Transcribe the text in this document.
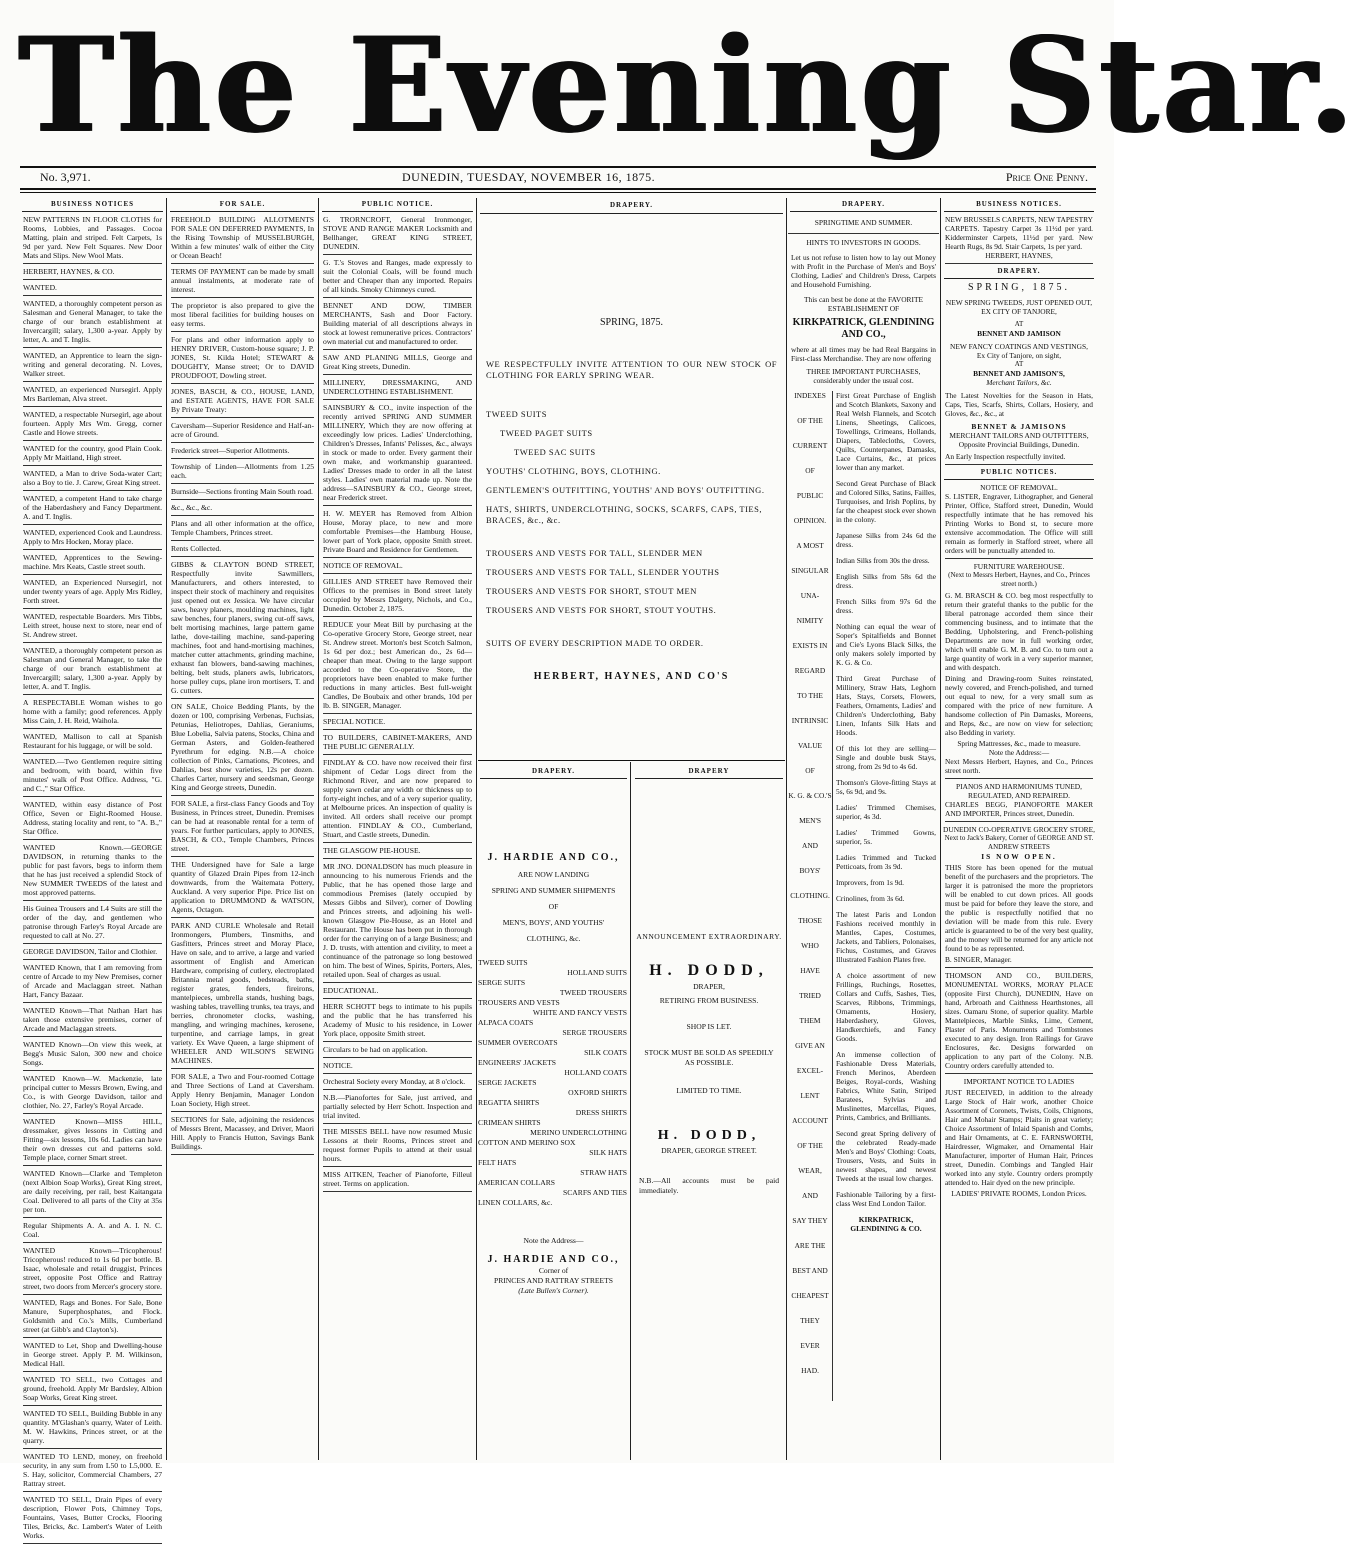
The Evening Star.
No. 3,971.	DUNEDIN, TUESDAY, NOVEMBER 16, 1875.	Price One Penny.
BUSINESS NOTICES
NEW PATTERNS IN FLOOR CLOTHS for Rooms, Lobbies, and Passages. Cocoa Matting, plain and striped. Felt Carpets, 1s 9d per yard. New Felt Squares. New Door Mats and Slips. New Wool Mats.
HERBERT, HAYNES, & CO.
WANTED.
WANTED, a thoroughly competent person as Salesman and General Manager, to take the charge of our branch establishment at Invercargill; salary, 1,300 a-year. Apply by letter, A. and T. Inglis.
WANTED, an Apprentice to learn the sign-writing and general decorating. N. Loves, Walker street.
WANTED, an experienced Nursegirl. Apply Mrs Bartleman, Alva street.
WANTED, a respectable Nursegirl, age about fourteen. Apply Mrs Wm. Gregg, corner Castle and Howe streets.
WANTED for the country, good Plain Cook. Apply Mr Maitland, High street.
WANTED, a Man to drive Soda-water Cart; also a Boy to tie. J. Carew, Great King street.
WANTED, a competent Hand to take charge of the Haberdashery and Fancy Department. A. and T. Inglis.
WANTED, experienced Cook and Laundress. Apply to Mrs Hocken, Moray place.
WANTED, Apprentices to the Sewing-machine. Mrs Keats, Castle street south.
WANTED, an Experienced Nursegirl, not under twenty years of age. Apply Mrs Ridley, Forth street.
WANTED, respectable Boarders. Mrs Tibbs, Leith street, house next to store, near end of St. Andrew street.
WANTED, a thoroughly competent person as Salesman and General Manager, to take the charge of our branch establishment at Invercargill; salary, 1,300 a-year. Apply by letter, A. and T. Inglis.
A RESPECTABLE Woman wishes to go home with a family; good references. Apply Miss Cain, J. H. Reid, Waihola.
WANTED, Mallison to call at Spanish Restaurant for his luggage, or will be sold.
WANTED.—Two Gentlemen require sitting and bedroom, with board, within five minutes' walk of Post Office. Address, "G. and C.," Star Office.
WANTED, within easy distance of Post Office, Seven or Eight-Roomed House. Address, stating locality and rent, to "A. B.," Star Office.
WANTED Known.—GEORGE DAVIDSON, in returning thanks to the public for past favors, begs to inform them that he has just received a splendid Stock of New SUMMER TWEEDS of the latest and most approved patterns.
His Guinea Trousers and L4 Suits are still the order of the day, and gentlemen who patronise through Farley's Royal Arcade are requested to call at No. 27.
GEORGE DAVIDSON, Tailor and Clothier.
WANTED Known, that I am removing from centre of Arcade to my New Premises, corner of Arcade and Maclaggan street. Nathan Hart, Fancy Bazaar.
WANTED Known—That Nathan Hart has taken those extensive premises, corner of Arcade and Maclaggan streets.
WANTED Known—On view this week, at Begg's Music Salon, 300 new and choice Songs.
WANTED Known—W. Mackenzie, late principal cutter to Messrs Brown, Ewing, and Co., is with George Davidson, tailor and clothier, No. 27, Farley's Royal Arcade.
WANTED Known—MISS HILL, dressmaker, gives lessons in Cutting and Fitting—six lessons, 10s 6d. Ladies can have their own dresses cut and patterns sold. Temple place, corner Smart street.
WANTED Known—Clarke and Templeton (next Albion Soap Works), Great King street, are daily receiving, per rail, best Kaitangata Coal. Delivered to all parts of the City at 35s per ton.
Regular Shipments A. A. and A. I. N. C. Coal.
WANTED Known—Tricopherous! Tricopherous! reduced to 1s 6d per bottle. B. Isaac, wholesale and retail druggist, Princes street, opposite Post Office and Rattray street, two doors from Mercer's grocery store.
WANTED, Rags and Bones. For Sale, Bone Manure, Superphosphates, and Flock. Goldsmith and Co.'s Mills, Cumberland street (at Gibb's and Clayton's).
WANTED to Let, Shop and Dwelling-house in George street. Apply P. M. Wilkinson, Medical Hall.
WANTED TO SELL, two Cottages and ground, freehold. Apply Mr Bardsley, Albion Soap Works, Great King street.
WANTED TO SELL, Building Bubble in any quantity. M'Glashan's quarry, Water of Leith. M. W. Hawkins, Princes street, or at the quarry.
WANTED TO LEND, money, on freehold security, in any sum from L50 to L5,000. E. S. Hay, solicitor, Commercial Chambers, 27 Rattray street.
WANTED TO SELL, Drain Pipes of every description, Flower Pots, Chimney Tops, Fountains, Vases, Butter Crocks, Flooring Tiles, Bricks, &c. Lambert's Water of Leith Works.
FOR SALE.
FREEHOLD BUILDING ALLOTMENTS FOR SALE ON DEFERRED PAYMENTS, In the Rising Township of MUSSELBURGH, Within a few minutes' walk of either the City or Ocean Beach!
TERMS OF PAYMENT can be made by small annual instalments, at moderate rate of interest.
The proprietor is also prepared to give the most liberal facilities for building houses on easy terms.
For plans and other information apply to HENRY DRIVER, Custom-house square; J. P. JONES, St. Kilda Hotel; STEWART & DOUGHTY, Manse street; Or to DAVID PROUDFOOT, Dowling street.
JONES, BASCH, & CO., HOUSE, LAND, and ESTATE AGENTS, HAVE FOR SALE By Private Treaty:
Caversham—Superior Residence and Half-an-acre of Ground.
Frederick street—Superior Allotments.
Township of Linden—Allotments from 1.25 each.
Burnside—Sections fronting Main South road.
&c., &c., &c.
Plans and all other information at the office, Temple Chambers, Princes street.
Rents Collected.
GIBBS & CLAYTON BOND STREET, Respectfully invite Sawmillers, Manufacturers, and others interested, to inspect their stock of machinery and requisites just opened out ex Jessica. We have circular saws, heavy planers, moulding machines, light saw benches, four planers, swing cut-off saws, belt mortising machines, large pattern game lathe, dove-tailing machine, sand-papering machines, foot and hand-mortising machines, matcher cutter attachments, grinding machine, exhaust fan blowers, band-sawing machines, belting, belt studs, planers awls, lubricators, horse pulley cups, plane iron mortisers, T. and G. cutters.
ON SALE, Choice Bedding Plants, by the dozen or 100, comprising Verbenas, Fuchsias, Petunias, Heliotropes, Dahlias, Geraniums, Blue Lobelia, Salvia patens, Stocks, China and German Asters, and Golden-feathered Pyrethrum for edging. N.B.—A choice collection of Pinks, Carnations, Picotees, and Dahlias, best show varieties, 12s per dozen. Charles Carter, nursery and seedsman, George King and George streets, Dunedin.
FOR SALE, a first-class Fancy Goods and Toy Business, in Princes street, Dunedin. Premises can be had at reasonable rental for a term of years. For further particulars, apply to JONES, BASCH, & CO., Temple Chambers, Princes street.
THE Undersigned have for Sale a large quantity of Glazed Drain Pipes from 12-inch downwards, from the Waitemata Pottery, Auckland. A very superior Pipe. Price list on application to DRUMMOND & WATSON, Agents, Octagon.
PARK AND CURLE Wholesale and Retail Ironmongers, Plumbers, Tinsmiths, and Gasfitters, Princes street and Moray Place, Have on sale, and to arrive, a large and varied assortment of English and American Hardware, comprising of cutlery, electroplated Britannia metal goods, bedsteads, baths, register grates, fenders, fireirons, mantelpieces, umbrella stands, hushing bags, washing tables, travelling trunks, tea trays, and berries, chronometer clocks, washing, mangling, and wringing machines, kerosene, turpentine, and carriage lamps, in great variety. Ex Wave Queen, a large shipment of WHEELER AND WILSON'S SEWING MACHINES.
FOR SALE, a Two and Four-roomed Cottage and Three Sections of Land at Caversham. Apply Henry Benjamin, Manager London Loan Society, High street.
SECTIONS for Sale, adjoining the residences of Messrs Brent, Macassey, and Driver, Maori Hill. Apply to Francis Hutton, Savings Bank Buildings.
PUBLIC NOTICE.
G. TRORNCROFT, General Ironmonger, STOVE AND RANGE MAKER Locksmith and Bellhanger, GREAT KING STREET, DUNEDIN.
G. T.'s Stoves and Ranges, made expressly to suit the Colonial Coals, will be found much better and Cheaper than any imported. Repairs of all kinds. Smoky Chimneys cured.
BENNET AND DOW, TIMBER MERCHANTS, Sash and Door Factory. Building material of all descriptions always in stock at lowest remunerative prices. Contractors' own material cut and manufactured to order.
SAW AND PLANING MILLS, George and Great King streets, Dunedin.
MILLINERY, DRESSMAKING, AND UNDERCLOTHING ESTABLISHMENT.
SAINSBURY & CO., invite inspection of the recently arrived SPRING AND SUMMER MILLINERY, Which they are now offering at exceedingly low prices. Ladies' Underclothing, Children's Dresses, Infants' Pelisses, &c., always in stock or made to order. Every garment their own make, and workmanship guaranteed. Ladies' Dresses made to order in all the latest styles. Ladies' own material made up. Note the address—SAINSBURY & CO., George street, near Frederick street.
H. W. MEYER has Removed from Albion House, Moray place, to new and more comfortable Premises—the Hamburg House, lower part of York place, opposite Smith street. Private Board and Residence for Gentlemen.
NOTICE OF REMOVAL.
GILLIES AND STREET have Removed their Offices to the premises in Bond street lately occupied by Messrs Dalgety, Nichols, and Co., Dunedin. October 2, 1875.
REDUCE your Meat Bill by purchasing at the Co-operative Grocery Store, George street, near St. Andrew street. Morton's best Scotch Salmon, 1s 6d per doz.; best American do., 2s 6d—cheaper than meat. Owing to the large support accorded to the Co-operative Store, the proprietors have been enabled to make further reductions in many articles. Best full-weight Candles, De Boubaix and other brands, 10d per lb. B. SINGER, Manager.
SPECIAL NOTICE.
TO BUILDERS, CABINET-MAKERS, AND THE PUBLIC GENERALLY.
FINDLAY & CO. have now received their first shipment of Cedar Logs direct from the Richmond River, and are now prepared to supply sawn cedar any width or thickness up to forty-eight inches, and of a very superior quality, at Melbourne prices. An inspection of quality is invited. All orders shall receive our prompt attention. FINDLAY & CO., Cumberland, Stuart, and Castle streets, Dunedin.
THE GLASGOW PIE-HOUSE.
MR JNO. DONALDSON has much pleasure in announcing to his numerous Friends and the Public, that he has opened those large and commodious Premises (lately occupied by Messrs Gibbs and Silver), corner of Dowling and Princes streets, and adjoining his well-known Glasgow Pie-House, as an Hotel and Restaurant. The House has been put in thorough order for the carrying on of a large Business; and J. D. trusts, with attention and civility, to meet a continuance of the patronage so long bestowed on him. The best of Wines, Spirits, Porters, Ales, retailed upon. Seal of charges as usual.
EDUCATIONAL.
HERR SCHOTT begs to intimate to his pupils and the public that he has transferred his Academy of Music to his residence, in Lower York place, opposite Smith street.
Circulars to be had on application.
NOTICE.
Orchestral Society every Monday, at 8 o'clock.
N.B.—Pianofortes for Sale, just arrived, and partially selected by Herr Schott. Inspection and trial invited.
THE MISSES BELL have now resumed Music Lessons at their Rooms, Princes street and request former Pupils to attend at their usual hours.
MISS AITKEN, Teacher of Pianoforte, Filleul street. Terms on application.
DRAPERY.
SPRING, 1875.
WE RESPECTFULLY INVITE ATTENTION TO OUR NEW STOCK OF CLOTHING FOR EARLY SPRING WEAR.
TWEED SUITS
TWEED PAGET SUITS
TWEED SAC SUITS
YOUTHS' CLOTHING, BOYS, CLOTHING.
GENTLEMEN'S OUTFITTING, YOUTHS' AND BOYS' OUTFITTING.
HATS, SHIRTS, UNDERCLOTHING, SOCKS, SCARFS, CAPS, TIES, BRACES, &c., &c.
TROUSERS AND VESTS FOR TALL, SLENDER MEN
TROUSERS AND VESTS FOR TALL, SLENDER YOUTHS
TROUSERS AND VESTS FOR SHORT, STOUT MEN
TROUSERS AND VESTS FOR SHORT, STOUT YOUTHS.
SUITS OF EVERY DESCRIPTION MADE TO ORDER.
HERBERT, HAYNES, AND CO'S
DRAPERY.
J. HARDIE AND CO.,
ARE NOW LANDING
SPRING AND SUMMER SHIPMENTS
OF
MEN'S, BOYS', AND YOUTHS'
CLOTHING, &c.
TWEED SUITS
HOLLAND SUITS
SERGE SUITS
TWEED TROUSERS
TROUSERS AND VESTS
WHITE AND FANCY VESTS
ALPACA COATS
SERGE TROUSERS
SUMMER OVERCOATS
SILK COATS
ENGINEERS' JACKETS
HOLLAND COATS
SERGE JACKETS
OXFORD SHIRTS
REGATTA SHIRTS
DRESS SHIRTS
CRIMEAN SHIRTS
MERINO UNDERCLOTHING
COTTON AND MERINO SOX
SILK HATS
FELT HATS
STRAW HATS
AMERICAN COLLARS
SCARFS AND TIES
LINEN COLLARS, &c.
Note the Address—
J. HARDIE AND CO.,
Corner of
PRINCES AND RATTRAY STREETS
(Late Bullen's Corner).
DRAPERY
ANNOUNCEMENT EXTRAORDINARY.
H. DODD,
DRAPER,
RETIRING FROM BUSINESS.
SHOP IS LET.
STOCK MUST BE SOLD AS SPEEDILY AS POSSIBLE.
LIMITED TO TIME.
H. DODD,
DRAPER, GEORGE STREET.
N.B.—All accounts must be paid immediately.
DRAPERY.
SPRINGTIME AND SUMMER.
HINTS TO INVESTORS IN GOODS.
Let us not refuse to listen how to lay out Money with Profit in the Purchase of Men's and Boys' Clothing, Ladies' and Children's Dress, Carpets and Household Furnishing.
This can best be done at the FAVORITE ESTABLISHMENT OF
KIRKPATRICK, GLENDINING AND CO.,
where at all times may be had Real Bargains in First-class Merchandise. They are now offering
THREE IMPORTANT PURCHASES, considerably under the usual cost.
INDEXES
OF THE
CURRENT
OF
PUBLIC
OPINION.
A MOST
SINGULAR
UNA-
NIMITY
EXISTS IN
REGARD
TO THE
INTRINSIC
VALUE
OF
K. G. & CO.'S
MEN'S
AND
BOYS'
CLOTHING.
THOSE
WHO
HAVE
TRIED
THEM
GIVE AN
EXCEL-
LENT
ACCOUNT
OF THE
WEAR,
AND
SAY THEY
ARE THE
BEST AND
CHEAPEST
THEY
EVER
HAD.
First Great Purchase of English and Scotch Blankets, Saxony and Real Welsh Flannels, and Scotch Linens, Sheetings, Calicoes, Towellings, Crimeans, Hollands, Diapers, Tablecloths, Covers, Quilts, Counterpanes, Damasks, Lace Curtains, &c., at prices lower than any market.
Second Great Purchase of Black and Colored Silks, Satins, Failles, Turquoises, and Irish Poplins, by far the cheapest stock ever shown in the colony.
Japanese Silks from 24s 6d the dress.
Indian Silks from 30s the dress.
English Silks from 58s 6d the dress.
French Silks from 97s 6d the dress.
Nothing can equal the wear of Soper's Spitalfields and Bonnet and Cie's Lyons Black Silks, the only makers solely imported by K. G. & Co.
Third Great Purchase of Millinery, Straw Hats, Leghorn Hats, Stays, Corsets, Flowers, Feathers, Ornaments, Ladies' and Children's Underclothing, Baby Linen, Infants Silk Hats and Hoods.
Of this lot they are selling—Single and double busk Stays, strong, from 2s 9d to 4s 6d.
Thomson's Glove-fitting Stays at 5s, 6s 9d, and 9s.
Ladies' Trimmed Chemises, superior, 4s 3d.
Ladies' Trimmed Gowns, superior, 5s.
Ladies Trimmed and Tucked Petticoats, from 3s 9d.
Improvers, from 1s 9d.
Crinolines, from 3s 6d.
The latest Paris and London Fashions received monthly in Mantles, Capes, Costumes, Jackets, and Tabliers, Polonaises, Fichus, Costumes, and Graves Illustrated Fashion Plates free.
A choice assortment of new Frillings, Ruchings, Rosettes, Collars and Cuffs, Sashes, Ties, Scarves, Ribbons, Trimmings, Ornaments, Hosiery, Haberdashery, Gloves, Handkerchiefs, and Fancy Goods.
An immense collection of Fashionable Dress Materials, French Merinos, Aberdeen Beiges, Royal-cords, Washing Fabrics, White Satin, Striped Baratees, Sylvias and Muslinettes, Marcellas, Piques, Prints, Cambrics, and Brilliants.
Second great Spring delivery of the celebrated Ready-made Men's and Boys' Clothing: Coats, Trousers, Vests, and Suits in newest shapes, and newest Tweeds at the usual low charges.
Fashionable Tailoring by a first-class West End London Tailor.
KIRKPATRICK, GLENDINING & CO.
BUSINESS NOTICES.
NEW BRUSSELS CARPETS, NEW TAPESTRY CARPETS. Tapestry Carpet 3s 11½d per yard. Kidderminster Carpets, 11½d per yard. New Hearth Rugs, 8s 9d. Stair Carpets, 1s per yard.
HERBERT, HAYNES,
DRAPERY.
SPRING, 1875.
NEW SPRING TWEEDS, JUST OPENED OUT, EX CITY OF TANJORE,
AT
BENNET AND JAMISON
NEW FANCY COATINGS AND VESTINGS,
Ex City of Tanjore, on sight,
AT
BENNET AND JAMISON'S,
Merchant Tailors, &c.
The Latest Novelties for the Season in Hats, Caps, Ties, Scarfs, Shirts, Collars, Hosiery, and Gloves, &c., &c., at
BENNET & JAMISONS
MERCHANT TAILORS AND OUTFITTERS,
Opposite Provincial Buildings, Dunedin.
An Early Inspection respectfully invited.
PUBLIC NOTICES.
NOTICE OF REMOVAL.
S. LISTER, Engraver, Lithographer, and General Printer, Office, Stafford street, Dunedin, Would respectfully intimate that he has removed his Printing Works to Bond st, to secure more extensive accommodation. The Office will still remain as formerly in Stafford street, where all orders will be punctually attended to.
FURNITURE WAREHOUSE.
(Next to Messrs Herbert, Haynes, and Co., Princes street north.)
G. M. BRASCH & CO. beg most respectfully to return their grateful thanks to the public for the liberal patronage accorded them since their commencing business, and to intimate that the Bedding, Upholstering, and French-polishing Departments are now in full working order, which will enable G. M. B. and Co. to turn out a large quantity of work in a very superior manner, and with despatch.
Dining and Drawing-room Suites reinstated, newly covered, and French-polished, and turned out equal to new, for a very small sum as compared with the price of new furniture. A handsome collection of Pin Damasks, Moreens, and Reps, &c., are now on view for selection; also Bedding in variety.
Spring Mattresses, &c., made to measure.
Note the Address:—
Next Messrs Herbert, Haynes, and Co., Princes street north.
PIANOS AND HARMONIUMS TUNED, REGULATED, AND REPAIRED.
CHARLES BEGG, PIANOFORTE MAKER AND IMPORTER, Princes street, Dunedin.
DUNEDIN CO-OPERATIVE GROCERY STORE,
Next to Jack's Bakery, Corner of GEORGE AND ST. ANDREW STREETS
IS NOW OPEN.
THIS Store has been opened for the mutual benefit of the purchasers and the proprietors. The larger it is patronised the more the proprietors will be enabled to cut down prices. All goods must be paid for before they leave the store, and the public is respectfully notified that no deviation will be made from this rule. Every article is guaranteed to be of the very best quality, and the money will be returned for any article not found to be as represented.
B. SINGER, Manager.
THOMSON AND CO., BUILDERS, MONUMENTAL WORKS, MORAY PLACE (opposite First Church), DUNEDIN, Have on hand, Arbroath and Caithness Hearthstones, all sizes. Oamaru Stone, of superior quality. Marble Mantelpieces, Marble Sinks, Lime, Cement, Plaster of Paris. Monuments and Tombstones executed to any design. Iron Railings for Grave Enclosures, &c. Designs forwarded on application to any part of the Colony. N.B. Country orders carefully attended to.
IMPORTANT NOTICE TO LADIES
JUST RECEIVED, in addition to the already Large Stock of Hair work, another Choice Assortment of Coronets, Twists, Coils, Chignons, Hair and Mohair Stamps; Plaits in great variety; Choice Assortment of Inlaid Spanish and Combs, and Hair Ornaments, at C. E. FARNSWORTH, Hairdresser, Wigmaker, and Ornamental Hair Manufacturer, importer of Human Hair, Princes street, Dunedin. Combings and Tangled Hair worked into any style. Country orders promptly attended to. Hair dyed on the new principle.
LADIES' PRIVATE ROOMS, London Prices.
